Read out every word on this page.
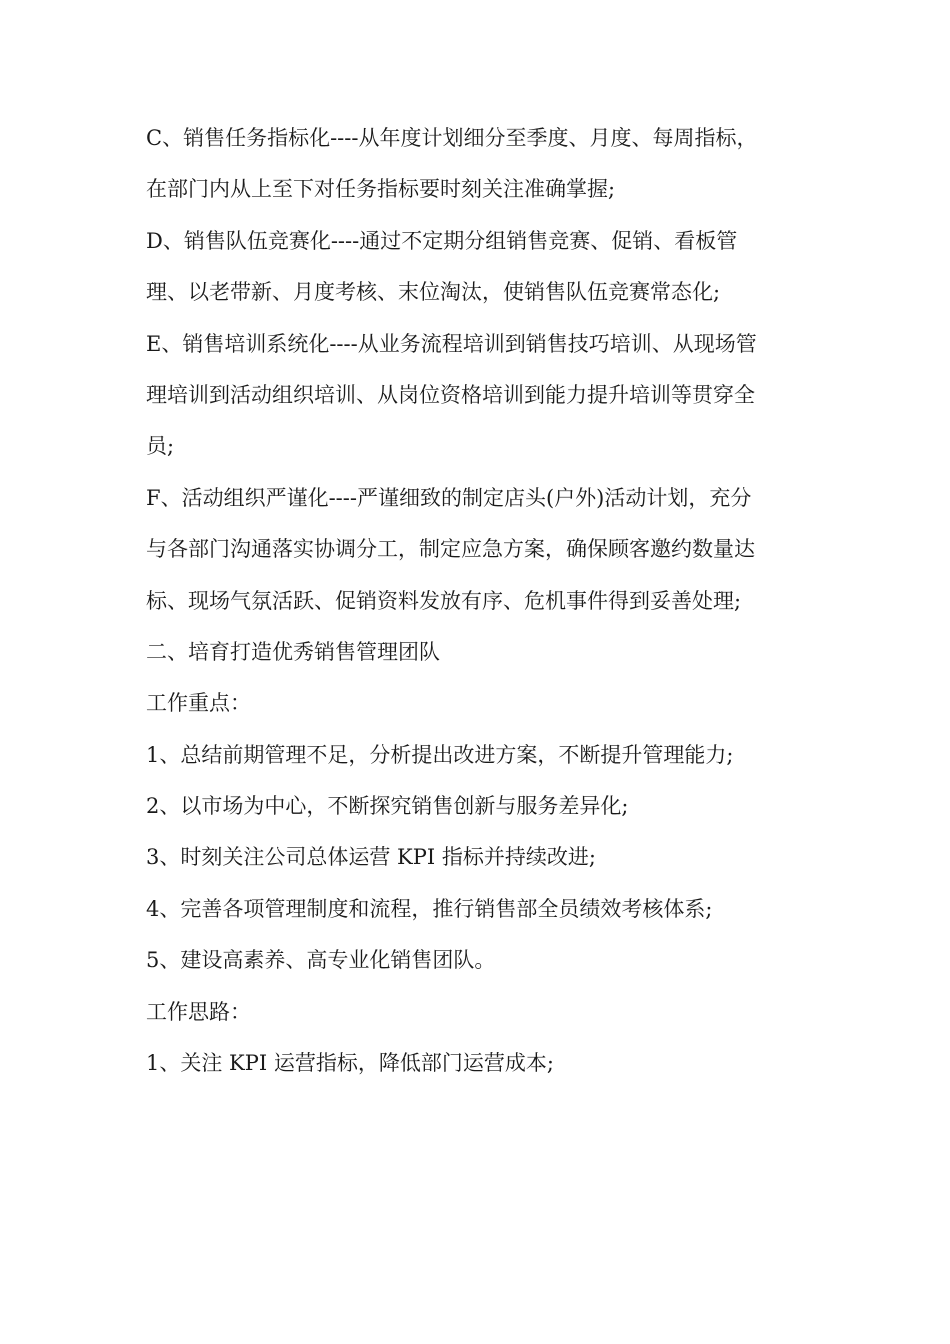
C、销售任务指标化----从年度计划细分至季度、月度、每周指标，
在部门内从上至下对任务指标要时刻关注准确掌握;
D、销售队伍竞赛化----通过不定期分组销售竞赛、促销、看板管
理、以老带新、月度考核、末位淘汰，使销售队伍竞赛常态化;
E、销售培训系统化----从业务流程培训到销售技巧培训、从现场管
理培训到活动组织培训、从岗位资格培训到能力提升培训等贯穿全
员;
F、活动组织严谨化----严谨细致的制定店头(户外)活动计划，充分
与各部门沟通落实协调分工，制定应急方案，确保顾客邀约数量达
标、现场气氛活跃、促销资料发放有序、危机事件得到妥善处理;
二、培育打造优秀销售管理团队
工作重点：
1、总结前期管理不足，分析提出改进方案，不断提升管理能力;
2、以市场为中心，不断探究销售创新与服务差异化;
3、时刻关注公司总体运营 KPI 指标并持续改进;
4、完善各项管理制度和流程，推行销售部全员绩效考核体系;
5、建设高素养、高专业化销售团队。
工作思路：
1、关注 KPI 运营指标，降低部门运营成本;
